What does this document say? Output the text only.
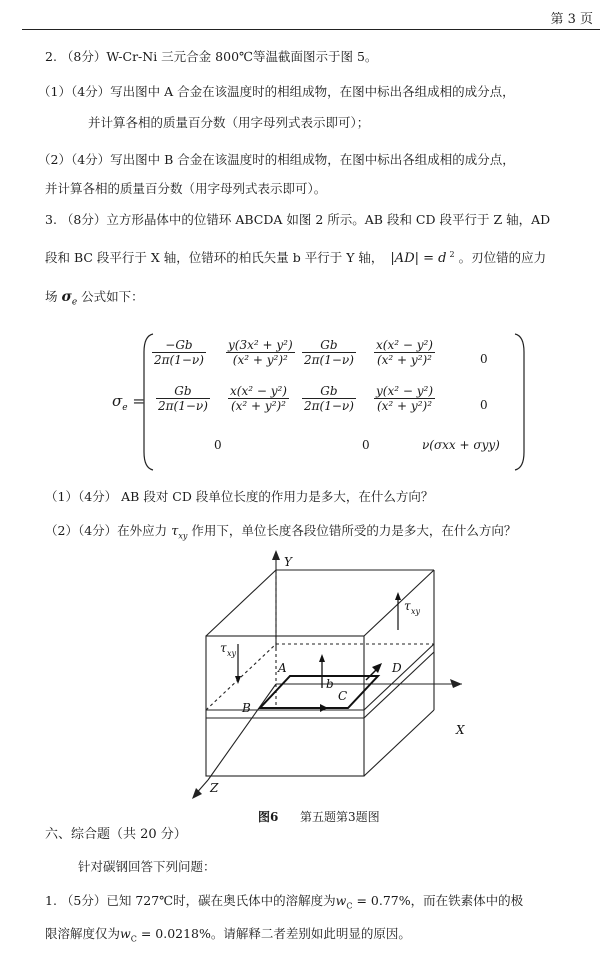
第 3 页
2. （8分）W-Cr-Ni 三元合金 800℃等温截面图示于图 5。
（1）（4分）写出图中 A 合金在该温度时的相组成物，在图中标出各组成相的成分点，
并计算各相的质量百分数（用字母列式表示即可）；
（2）（4分）写出图中 B 合金在该温度时的相组成物，在图中标出各组成相的成分点，
并计算各相的质量百分数（用字母列式表示即可）。
3. （8分）立方形晶体中的位错环 ABCDA 如图 2 所示。AB 段和 CD 段平行于 Z 轴，AD
段和 BC 段平行于 X 轴，位错环的柏氏矢量 b 平行于 Y 轴， |AD| = d $^2$ 。刃位错的应力
场 $\sigma_e$ 公式如下：
$\sigma_e$ =
$\frac{-Gb}{2\pi(1-\nu)} \frac{\text{y(3x² + y²)}}{\text{(x² + y²)²}} \frac{Gb}{2\pi(1-\nu)} \frac{\text{x(x² − y²)}}{\text{(x² + y²)²}}$	0
$\frac{Gb}{2\pi(1-\nu)} \frac{\text{x(x² − y²)}}{\text{(x² + y²)²}} \frac{Gb}{2\pi(1-\nu)} \frac{\text{y(x² − y²)}}{\text{(x² + y²)²}}$	0
0	0	ν(σxx + σyy)
（1）（4分） AB 段对 CD 段单位长度的作用力是多大，在什么方向？
（2）（4分）在外应力 $\tau_{xy}$ 作用下，单位长度各段位错所受的力是多大，在什么方向？
Y
X
Z
A
B
C
D
b
τ xy
τ xy
图6 第五题第3题图
六、综合题（共 20 分）
针对碳钢回答下列问题：
1. （5分）已知 727℃时，碳在奥氏体中的溶解度为$w_C = 0.77\%$，而在铁素体中的极
限溶解度仅为$w_C = 0.0218\%$。请解释二者差别如此明显的原因。
